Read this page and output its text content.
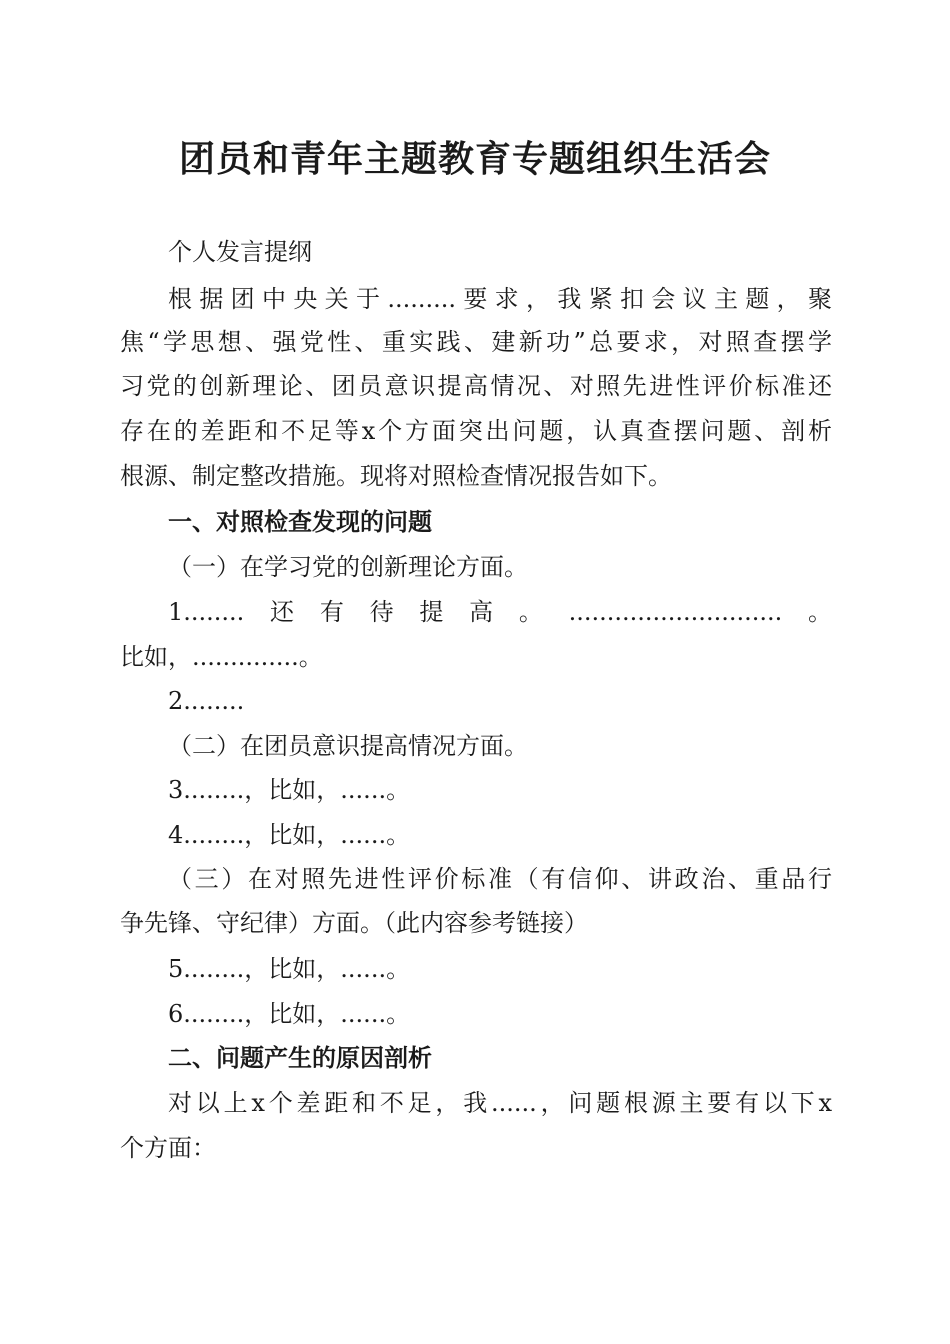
团员和青年主题教育专题组织生活会

个人发言提纲

根据团中央关于.........要求，我紧扣会议主题，聚

焦“学思想、强党性、重实践、建新功”总要求，对照查摆学

习党的创新理论、团员意识提高情况、对照先进性评价标准还

存在的差距和不足等x个方面突出问题，认真查摆问题、剖析

根源、制定整改措施。现将对照检查情况报告如下。

一、对照检查发现的问题

（一）在学习党的创新理论方面。

1........还有待提高。............................。

比如，..............。

2........

（二）在团员意识提高情况方面。

3........，比如，......。

4........，比如，......。

（三）在对照先进性评价标准（有信仰、讲政治、重品行

争先锋、守纪律）方面。（此内容参考链接）

5........，比如，......。

6........，比如，......。

二、问题产生的原因剖析

对以上x个差距和不足，我......，问题根源主要有以下x

个方面：
